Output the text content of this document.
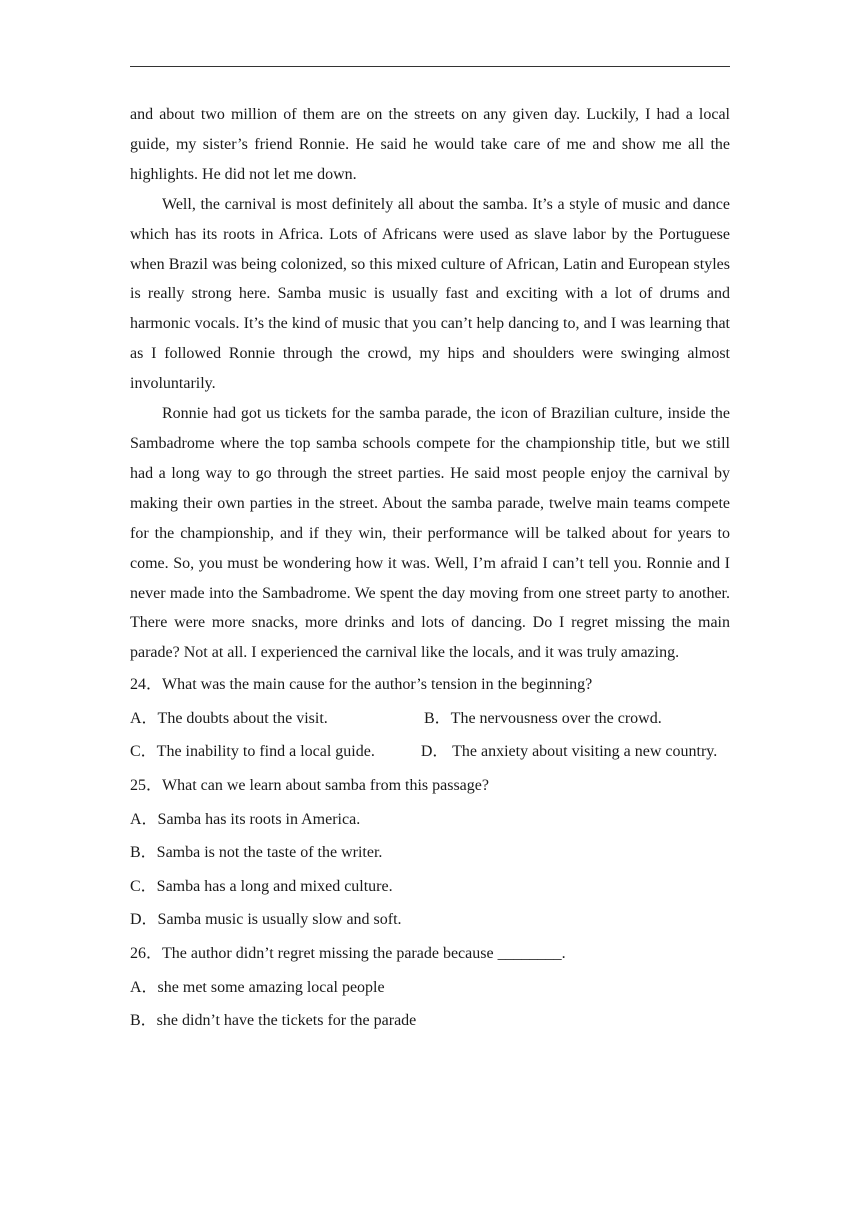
and about two million of them are on the streets on any given day. Luckily, I had a local guide, my sister’s friend Ronnie. He said he would take care of me and show me all the highlights. He did not let me down.

Well, the carnival is most definitely all about the samba. It’s a style of music and dance which has its roots in Africa. Lots of Africans were used as slave labor by the Portuguese when Brazil was being colonized, so this mixed culture of African, Latin and European styles is really strong here. Samba music is usually fast and exciting with a lot of drums and harmonic vocals. It’s the kind of music that you can’t help dancing to, and I was learning that as I followed Ronnie through the crowd, my hips and shoulders were swinging almost involuntarily.

Ronnie had got us tickets for the samba parade, the icon of Brazilian culture, inside the Sambadrome where the top samba schools compete for the championship title, but we still had a long way to go through the street parties. He said most people enjoy the carnival by making their own parties in the street. About the samba parade, twelve main teams compete for the championship, and if they win, their performance will be talked about for years to come. So, you must be wondering how it was. Well, I’m afraid I can’t tell you. Ronnie and I never made into the Sambadrome. We spent the day moving from one street party to another. There were more snacks, more drinks and lots of dancing. Do I regret missing the main parade? Not at all. I experienced the carnival like the locals, and it was truly amazing.

24．What was the main cause for the author’s tension in the beginning?

A．The doubts about the visit.	B．The nervousness over the crowd.

C．The inability to find a local guide.	D． The anxiety about visiting a new country.

25．What can we learn about samba from this passage?

A．Samba has its roots in America.

B．Samba is not the taste of the writer.

C．Samba has a long and mixed culture.

D．Samba music is usually slow and soft.

26．The author didn’t regret missing the parade because ________.

A．she met some amazing local people

B．she didn’t have the tickets for the parade
